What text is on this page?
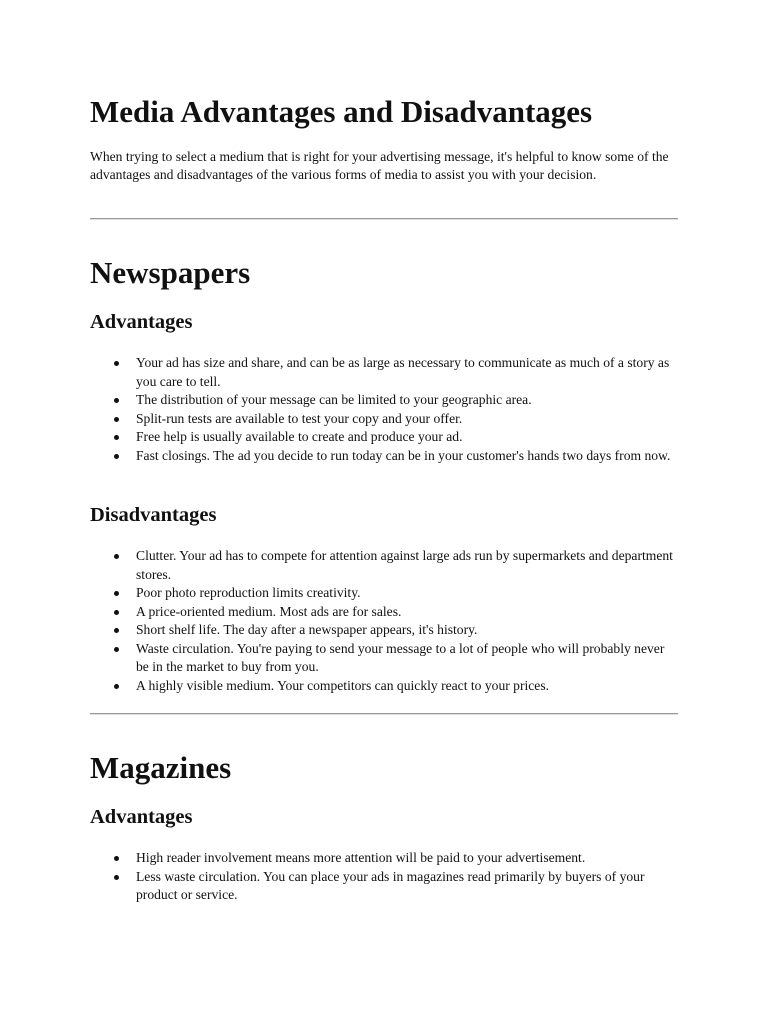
Media Advantages and Disadvantages

When trying to select a medium that is right for your advertising message, it's helpful to know some of the advantages and disadvantages of the various forms of media to assist you with your decision.

Newspapers
Advantages
Your ad has size and share, and can be as large as necessary to communicate as much of a story as you care to tell.
The distribution of your message can be limited to your geographic area.
Split-run tests are available to test your copy and your offer.
Free help is usually available to create and produce your ad.
Fast closings. The ad you decide to run today can be in your customer's hands two days from now.
Disadvantages
Clutter. Your ad has to compete for attention against large ads run by supermarkets and department stores.
Poor photo reproduction limits creativity.
A price-oriented medium. Most ads are for sales.
Short shelf life. The day after a newspaper appears, it's history.
Waste circulation. You're paying to send your message to a lot of people who will probably never be in the market to buy from you.
A highly visible medium. Your competitors can quickly react to your prices.
Magazines
Advantages
High reader involvement means more attention will be paid to your advertisement.
Less waste circulation. You can place your ads in magazines read primarily by buyers of your product or service.
